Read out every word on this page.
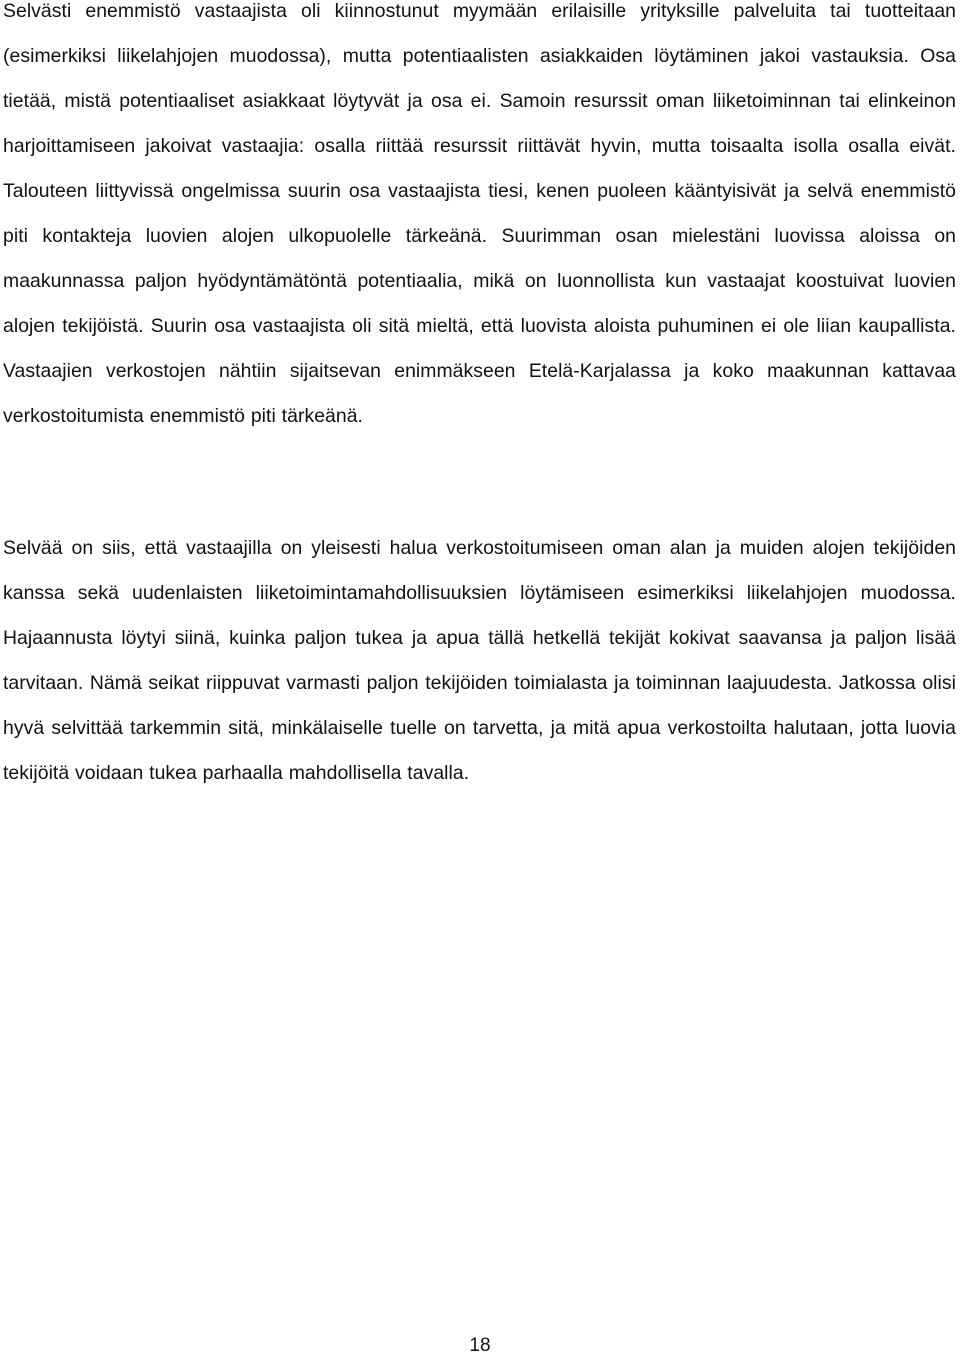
Selvästi enemmistö vastaajista oli kiinnostunut myymään erilaisille yrityksille palveluita tai tuotteitaan (esimerkiksi liikelahjojen muodossa), mutta potentiaalisten asiakkaiden löytäminen jakoi vastauksia. Osa tietää, mistä potentiaaliset asiakkaat löytyvät ja osa ei. Samoin resurssit oman liiketoiminnan tai elinkeinon harjoittamiseen jakoivat vastaajia: osalla riittää resurssit riittävät hyvin, mutta toisaalta isolla osalla eivät. Talouteen liittyvissä ongelmissa suurin osa vastaajista tiesi, kenen puoleen kääntyisivät ja selvä enemmistö piti kontakteja luovien alojen ulkopuolelle tärkeänä. Suurimman osan mielestäni luovissa aloissa on maakunnassa paljon hyödyntämätöntä potentiaalia, mikä on luonnollista kun vastaajat koostuivat luovien alojen tekijöistä. Suurin osa vastaajista oli sitä mieltä, että luovista aloista puhuminen ei ole liian kaupallista. Vastaajien verkostojen nähtiin sijaitsevan enimmäkseen Etelä-Karjalassa ja koko maakunnan kattavaa verkostoitumista enemmistö piti tärkeänä.

Selvää on siis, että vastaajilla on yleisesti halua verkostoitumiseen oman alan ja muiden alojen tekijöiden kanssa sekä uudenlaisten liiketoimintamahdollisuuksien löytämiseen esimerkiksi liikelahjojen muodossa. Hajaannusta löytyi siinä, kuinka paljon tukea ja apua tällä hetkellä tekijät kokivat saavansa ja paljon lisää tarvitaan. Nämä seikat riippuvat varmasti paljon tekijöiden toimialasta ja toiminnan laajuudesta. Jatkossa olisi hyvä selvittää tarkemmin sitä, minkälaiselle tuelle on tarvetta, ja mitä apua verkostoilta halutaan, jotta luovia tekijöitä voidaan tukea parhaalla mahdollisella tavalla.

18
